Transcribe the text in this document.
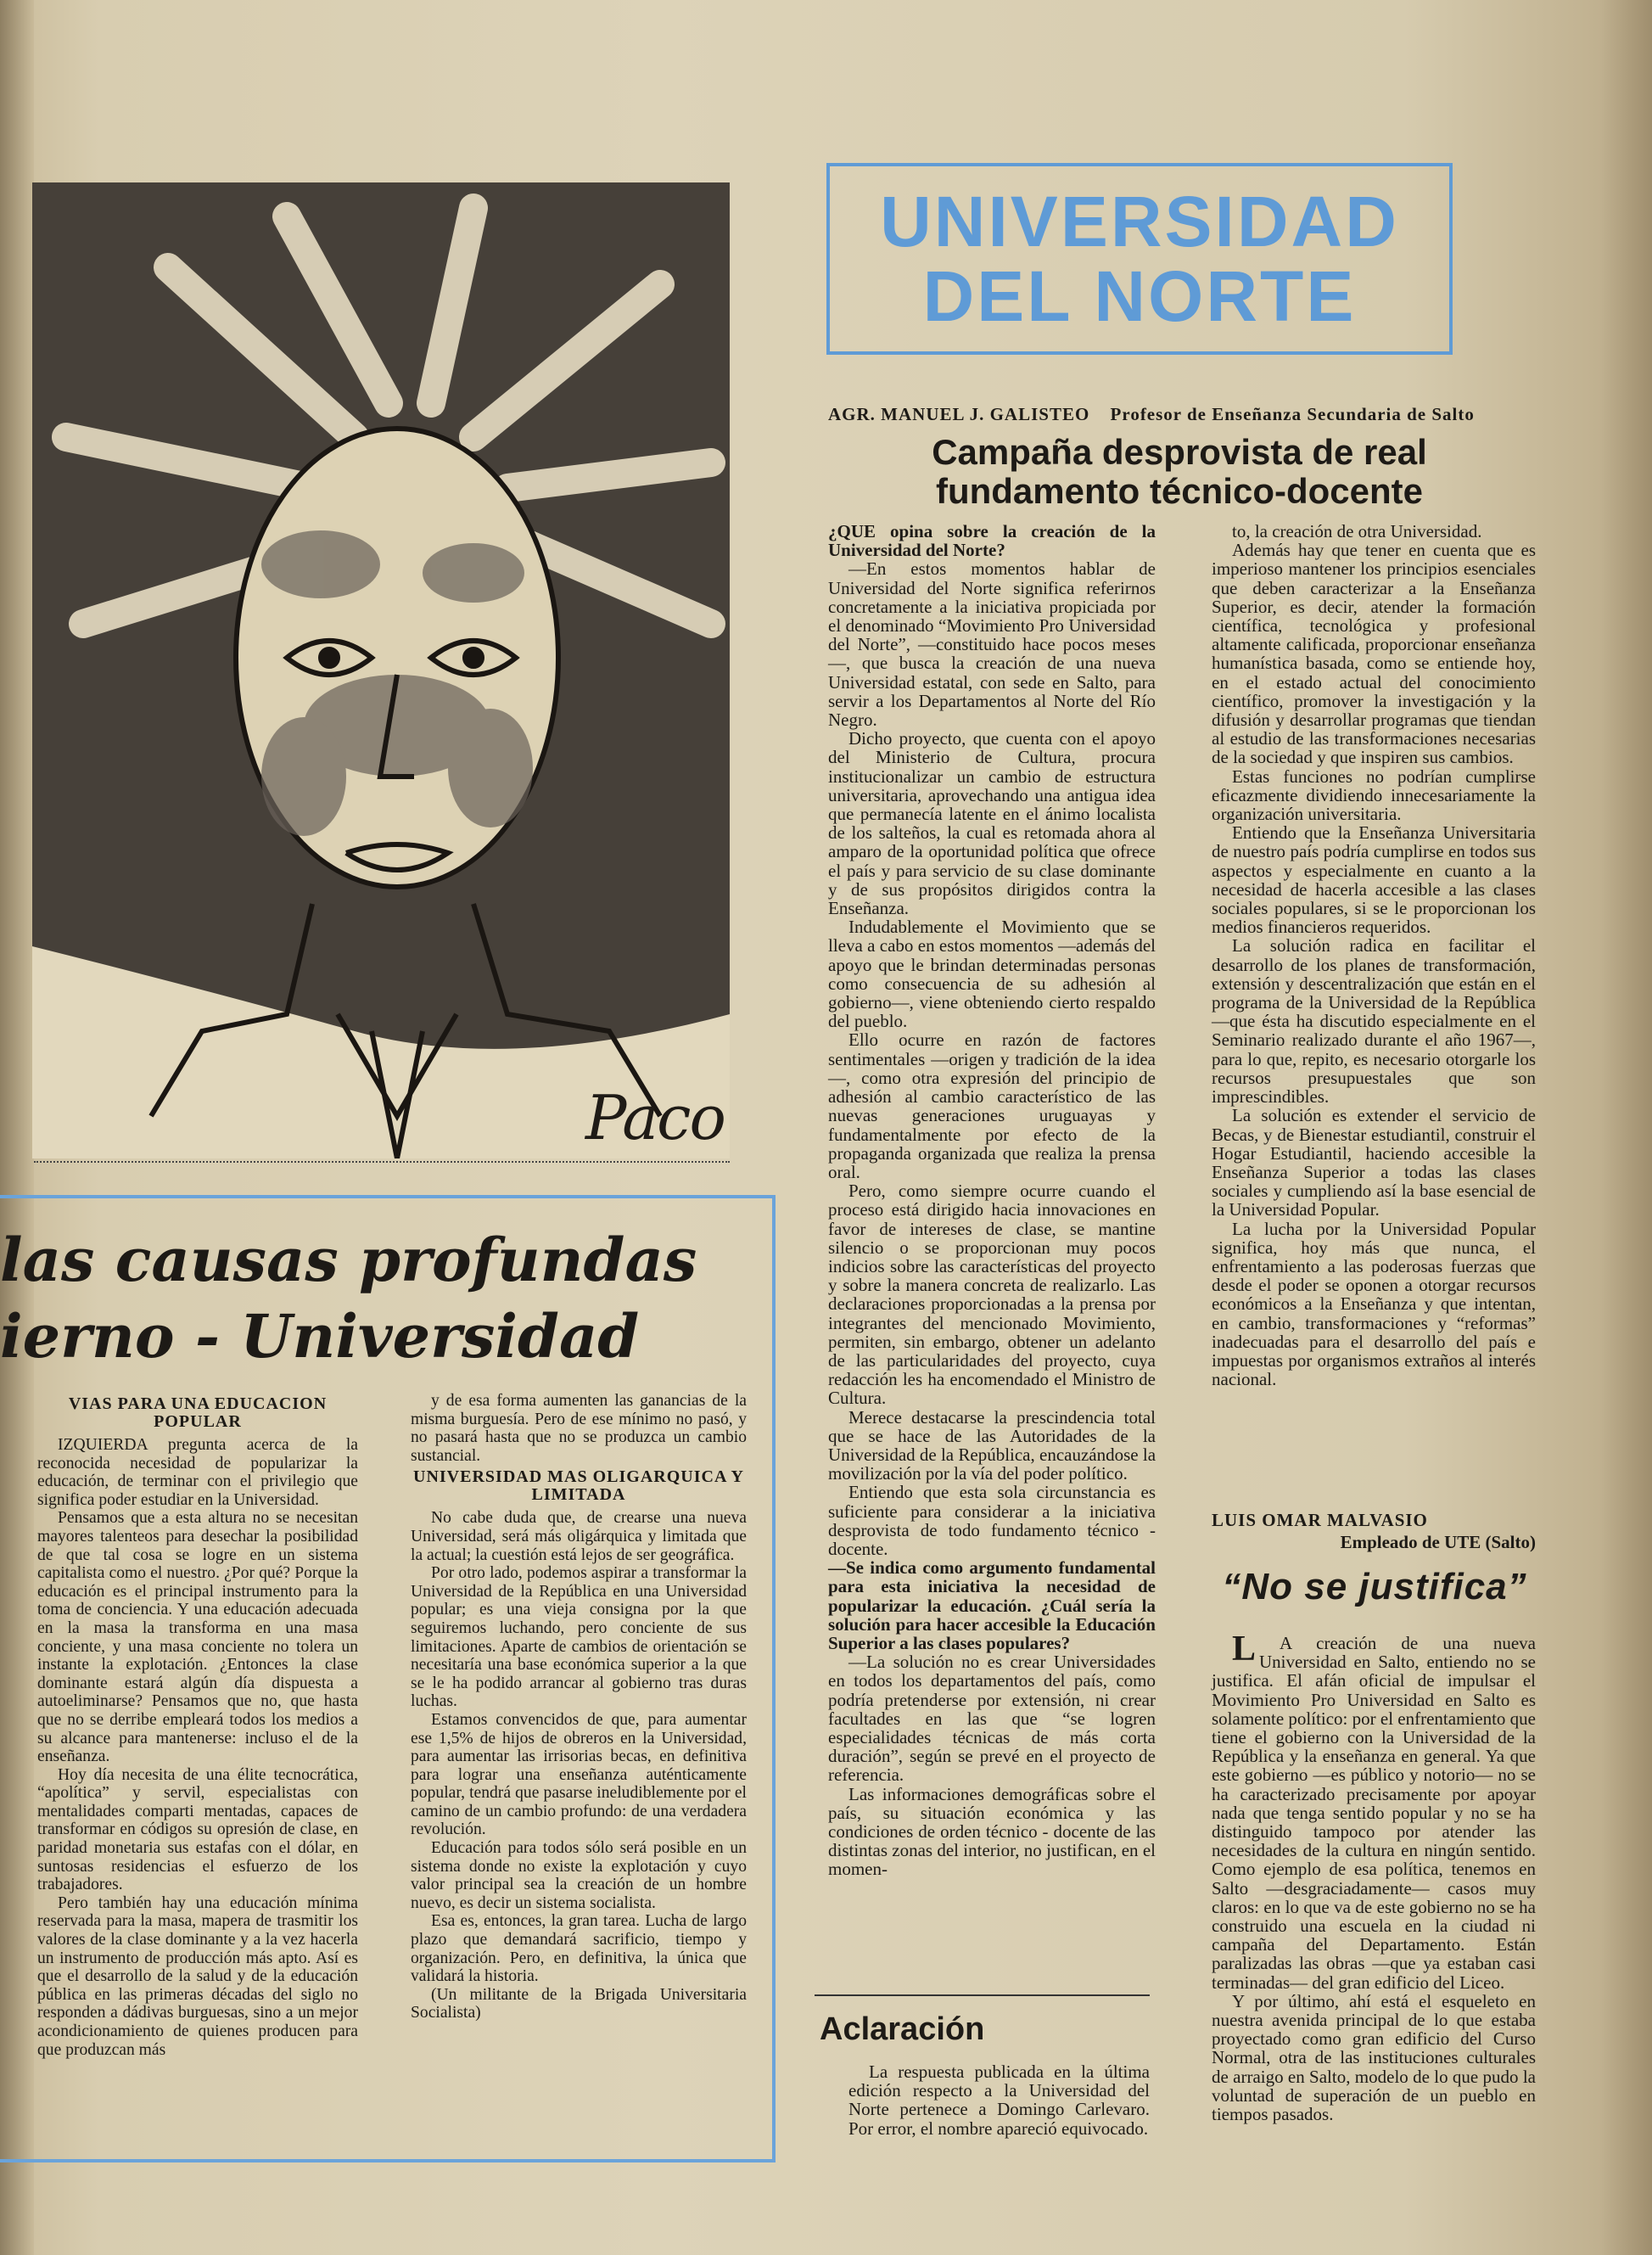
Paco
UNIVERSIDAD
DEL NORTE
AGR. MANUEL J. GALISTEO Profesor de Enseñanza Secundaria de Salto
Campaña desprovista de real
fundamento técnico-docente

¿QUE opina sobre la creación de la Universidad del Norte?

—En estos momentos hablar de Universidad del Norte significa referirnos concretamente a la iniciativa propiciada por el denominado “Movimiento Pro Universidad del Norte”, —constituido hace pocos meses—, que busca la creación de una nueva Universidad estatal, con sede en Salto, para servir a los Departamentos al Norte del Río Negro.

Dicho proyecto, que cuenta con el apoyo del Ministerio de Cultura, procura institucionalizar un cambio de estructura universitaria, aprovechando una antigua idea que permanecía latente en el ánimo localista de los salteños, la cual es retomada ahora al amparo de la oportunidad política que ofrece el país y para servicio de su clase dominante y de sus propósitos dirigidos contra la Enseñanza.

Indudablemente el Movimiento que se lleva a cabo en estos momentos —además del apoyo que le brindan determinadas personas como consecuencia de su adhesión al gobierno—, viene obteniendo cierto respaldo del pueblo.

Ello ocurre en razón de factores sentimentales —origen y tradición de la idea—, como otra expresión del principio de adhesión al cambio característico de las nuevas generaciones uruguayas y fundamentalmente por efecto de la propaganda organizada que realiza la prensa oral.

Pero, como siempre ocurre cuando el proceso está dirigido hacia innovaciones en favor de intereses de clase, se mantine silencio o se proporcionan muy pocos indicios sobre las características del proyecto y sobre la manera concreta de realizarlo. Las declaraciones proporcionadas a la prensa por integrantes del mencionado Movimiento, permiten, sin embargo, obtener un adelanto de las particularidades del proyecto, cuya redacción les ha encomendado el Ministro de Cultura.

Merece destacarse la prescindencia total que se hace de las Autoridades de la Universidad de la República, encauzándose la movilización por la vía del poder político.

Entiendo que esta sola circunstancia es suficiente para considerar a la iniciativa desprovista de todo fundamento técnico - docente.

—Se indica como argumento fundamental para esta iniciativa la necesidad de popularizar la educación. ¿Cuál sería la solución para hacer accesible la Educación Superior a las clases populares?

—La solución no es crear Universidades en todos los departamentos del país, como podría pretenderse por extensión, ni crear facultades en las que “se logren especialidades técnicas de más corta duración”, según se prevé en el proyecto de referencia.

Las informaciones demográficas sobre el país, su situación económica y las condiciones de orden técnico - docente de las distintas zonas del interior, no justifican, en el momen-

to, la creación de otra Universidad.

Además hay que tener en cuenta que es imperioso mantener los principios esenciales que deben caracterizar a la Enseñanza Superior, es decir, atender la formación científica, tecnológica y profesional altamente calificada, proporcionar enseñanza humanística basada, como se entiende hoy, en el estado actual del conocimiento científico, promover la investigación y la difusión y desarrollar programas que tiendan al estudio de las transformaciones necesarias de la sociedad y que inspiren sus cambios.

Estas funciones no podrían cumplirse eficazmente dividiendo innecesariamente la organización universitaria.

Entiendo que la Enseñanza Universitaria de nuestro país podría cumplirse en todos sus aspectos y especialmente en cuanto a la necesidad de hacerla accesible a las clases sociales populares, si se le proporcionan los medios financieros requeridos.

La solución radica en facilitar el desarrollo de los planes de transformación, extensión y descentralización que están en el programa de la Universidad de la República —que ésta ha discutido especialmente en el Seminario realizado durante el año 1967—, para lo que, repito, es necesario otorgarle los recursos presupuestales que son imprescindibles.

La solución es extender el servicio de Becas, y de Bienestar estudiantil, construir el Hogar Estudiantil, haciendo accesible la Enseñanza Superior a todas las clases sociales y cumpliendo así la base esencial de la Universidad Popular.

La lucha por la Universidad Popular significa, hoy más que nunca, el enfrentamiento a las poderosas fuerzas que desde el poder se oponen a otorgar recursos económicos a la Enseñanza y que intentan, en cambio, transformaciones y “reformas” inadecuadas para el desarrollo del país e impuestas por organismos extraños al interés nacional.

LUIS OMAR MALVASIO

Empleado de UTE (Salto)

“No se justifica”

LA creación de una nueva Universidad en Salto, entiendo no se justifica. El afán oficial de impulsar el Movimiento Pro Universidad en Salto es solamente político: por el enfrentamiento que tiene el gobierno con la Universidad de la República y la enseñanza en general. Ya que este gobierno —es público y notorio— no se ha caracterizado precisamente por apoyar nada que tenga sentido popular y no se ha distinguido tampoco por atender las necesidades de la cultura en ningún sentido. Como ejemplo de esa política, tenemos en Salto —desgraciadamente— casos muy claros: en lo que va de este gobierno no se ha construido una escuela en la ciudad ni campaña del Departamento. Están paralizadas las obras —que ya estaban casi terminadas— del gran edificio del Liceo.

Y por último, ahí está el esqueleto en nuestra avenida principal de lo que estaba proyectado como gran edificio del Curso Normal, otra de las instituciones culturales de arraigo en Salto, modelo de lo que pudo la voluntad de superación de un pueblo en tiempos pasados.

Aclaración

La respuesta publicada en la última edición respecto a la Universidad del Norte pertenece a Domingo Carlevaro. Por error, el nombre apareció equivocado.

las causas profundas
ierno - Universidad

VIAS PARA UNA EDUCACION POPULAR

IZQUIERDA pregunta acerca de la reconocida necesidad de popularizar la educación, de terminar con el privilegio que significa poder estudiar en la Universidad.

Pensamos que a esta altura no se necesitan mayores talenteos para desechar la posibilidad de que tal cosa se logre en un sistema capitalista como el nuestro. ¿Por qué? Porque la educación es el principal instrumento para la toma de conciencia. Y una educación adecuada en la masa la transforma en una masa conciente, y una masa conciente no tolera un instante la explotación. ¿Entonces la clase dominante estará algún día dispuesta a autoeliminarse? Pensamos que no, que hasta que no se derribe empleará todos los medios a su alcance para mantenerse: incluso el de la enseñanza.

Hoy día necesita de una élite tecnocrática, “apolítica” y servil, especialistas con mentalidades comparti mentadas, capaces de transformar en códigos su opresión de clase, en paridad monetaria sus estafas con el dólar, en suntosas residencias el esfuerzo de los trabajadores.

Pero también hay una educación mínima reservada para la masa, mapera de trasmitir los valores de la clase dominante y a la vez hacerla un instrumento de producción más apto. Así es que el desarrollo de la salud y de la educación pública en las primeras décadas del siglo no responden a dádivas burguesas, sino a un mejor acondicionamiento de quienes producen para que produzcan más

y de esa forma aumenten las ganancias de la misma burguesía. Pero de ese mínimo no pasó, y no pasará hasta que no se produzca un cambio sustancial.

UNIVERSIDAD MAS OLIGARQUICA Y LIMITADA

No cabe duda que, de crearse una nueva Universidad, será más oligárquica y limitada que la actual; la cuestión está lejos de ser geográfica.

Por otro lado, podemos aspirar a transformar la Universidad de la República en una Universidad popular; es una vieja consigna por la que seguiremos luchando, pero conciente de sus limitaciones. Aparte de cambios de orientación se necesitaría una base económica superior a la que se le ha podido arrancar al gobierno tras duras luchas.

Estamos convencidos de que, para aumentar ese 1,5% de hijos de obreros en la Universidad, para aumentar las irrisorias becas, en definitiva para lograr una enseñanza auténticamente popular, tendrá que pasarse ineludiblemente por el camino de un cambio profundo: de una verdadera revolución.

Educación para todos sólo será posible en un sistema donde no existe la explotación y cuyo valor principal sea la creación de un hombre nuevo, es decir un sistema socialista.

Esa es, entonces, la gran tarea. Lucha de largo plazo que demandará sacrificio, tiempo y organización. Pero, en definitiva, la única que validará la historia.

(Un militante de la Brigada Universitaria Socialista)
